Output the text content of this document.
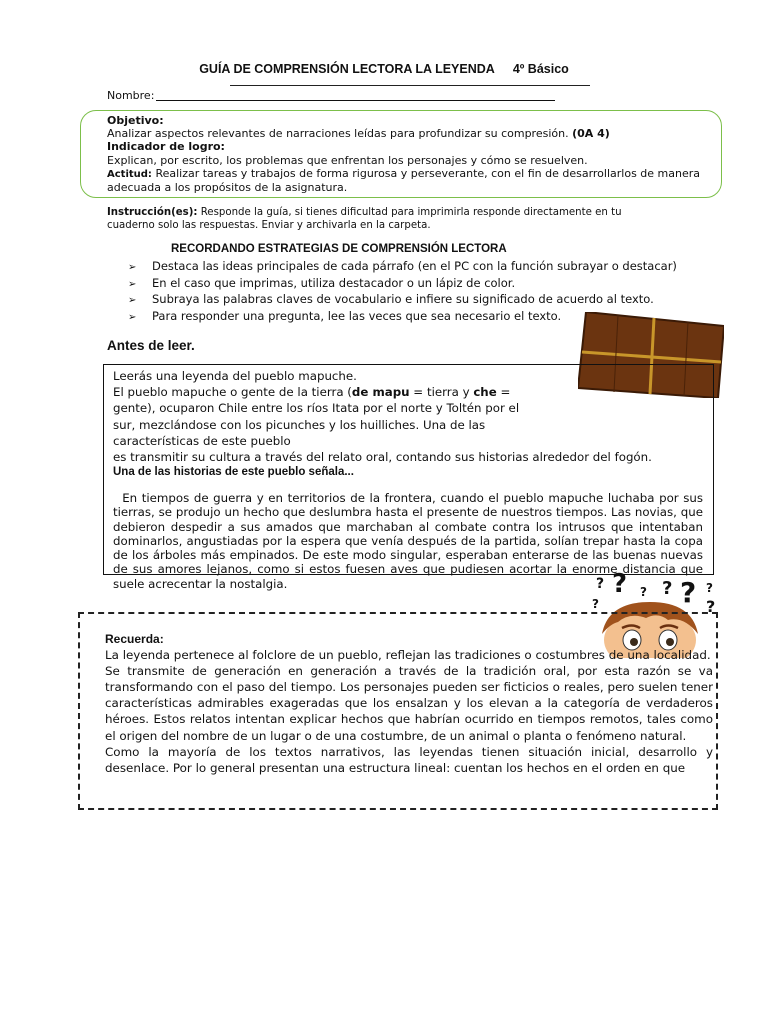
GUÍA DE COMPRENSIÓN LECTORA LA LEYENDA 4º Básico
Nombre:
Objetivo:
Analizar aspectos relevantes de narraciones leídas para profundizar su compresión. (0A 4)
Indicador de logro:
Explican, por escrito, los problemas que enfrentan los personajes y cómo se resuelven.
Actitud: Realizar tareas y trabajos de forma rigurosa y perseverante, con el fin de desarrollarlos de manera adecuada a los propósitos de la asignatura.
Instrucción(es): Responde la guía, si tienes dificultad para imprimirla responde directamente en tu cuaderno solo las respuestas. Enviar y archivarla en la carpeta.
RECORDANDO ESTRATEGIAS DE COMPRENSIÓN LECTORA
➢ Destaca las ideas principales de cada párrafo (en el PC con la función subrayar o destacar)
➢ En el caso que imprimas, utiliza destacador o un lápiz de color.
➢ Subraya las palabras claves de vocabulario e infiere su significado de acuerdo al texto.
➢ Para responder una pregunta, lee las veces que sea necesario el texto.
Antes de leer.
Leerás una leyenda del pueblo mapuche.
El pueblo mapuche o gente de la tierra (de mapu = tierra y che =
gente), ocuparon Chile entre los ríos Itata por el norte y Toltén por el
sur, mezclándose con los picunches y los huilliches. Una de las
características de este pueblo
es transmitir su cultura a través del relato oral, contando sus historias alrededor del fogón.
Una de las historias de este pueblo señala...
En tiempos de guerra y en territorios de la frontera, cuando el pueblo mapuche luchaba por sus tierras, se produjo un hecho que deslumbra hasta el presente de nuestros tiempos. Las novias, que debieron despedir a sus amados que marchaban al combate contra los intrusos que intentaban dominarlos, angustiadas por la espera que venía después de la partida, solían trepar hasta la copa de los árboles más empinados. De este modo singular, esperaban enterarse de las buenas nuevas de sus amores lejanos, como si estos fuesen aves que pudiesen acortar la enorme distancia que suele acrecentar la nostalgia.	? ? ? ? ? ?
?	?
Recuerda:

La leyenda pertenece al folclore de un pueblo, reflejan las tradiciones o costumbres de una localidad.

Se transmite de generación en generación a través de la tradición oral, por esta razón se va transformando con el paso del tiempo. Los personajes pueden ser ficticios o reales, pero suelen tener características admirables exageradas que los ensalzan y los elevan a la categoría de verdaderos héroes. Estos relatos intentan explicar hechos que habrían ocurrido en tiempos remotos, tales como el origen del nombre de un lugar o de una costumbre, de un animal o planta o fenómeno natural.

Como la mayoría de los textos narrativos, las leyendas tienen situación inicial, desarrollo y desenlace. Por lo general presentan una estructura lineal: cuentan los hechos en el orden en que
